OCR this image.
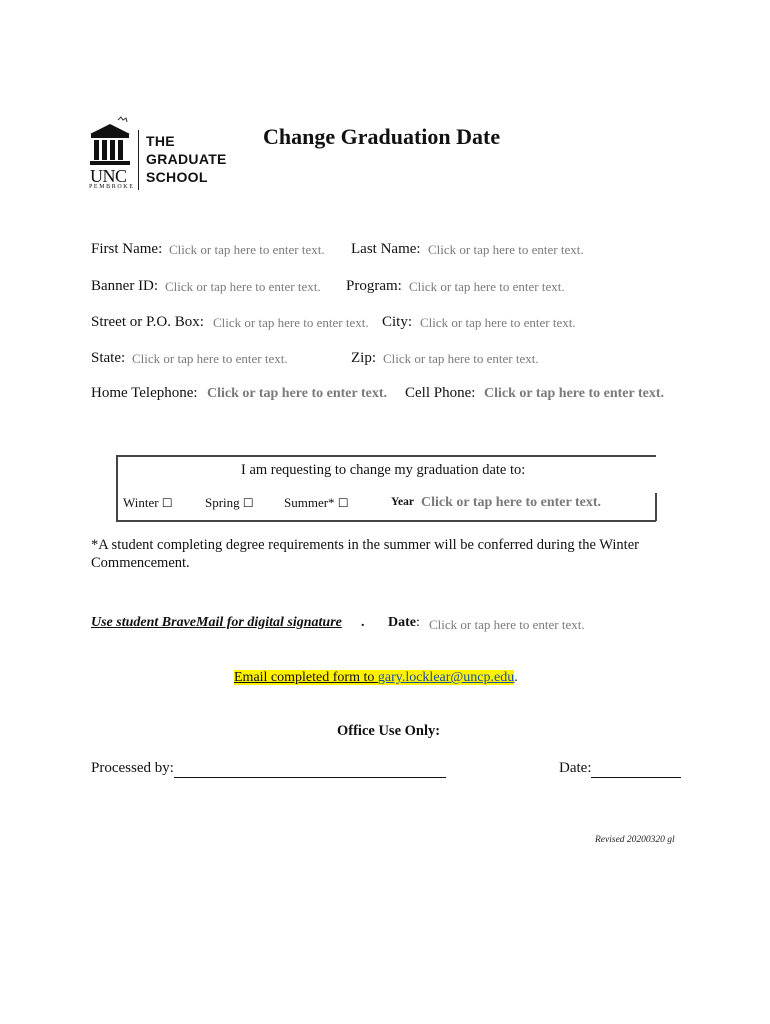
UNC
PEMBROKE
THE
GRADUATE
SCHOOL
Change Graduation Date
First Name: Click or tap here to enter text. Last Name: Click or tap here to enter text.
Banner ID: Click or tap here to enter text. Program: Click or tap here to enter text.
Street or P.O. Box: Click or tap here to enter text. City: Click or tap here to enter text.
State: Click or tap here to enter text.	Zip: Click or tap here to enter text.
Home Telephone: Click or tap here to enter text. Cell Phone: Click or tap here to enter text.
I am requesting to change my graduation date to:
Winter ☐ Spring ☐ Summer* ☐	Year Click or tap here to enter text.
*A student completing degree requirements in the summer will be conferred during the Winter Commencement.
Use student BraveMail for digital signature . Date: Click or tap here to enter text.
Email completed form to gary.locklear@uncp.edu.
Office Use Only:
Processed by:	Date:
Revised 20200320 gl
